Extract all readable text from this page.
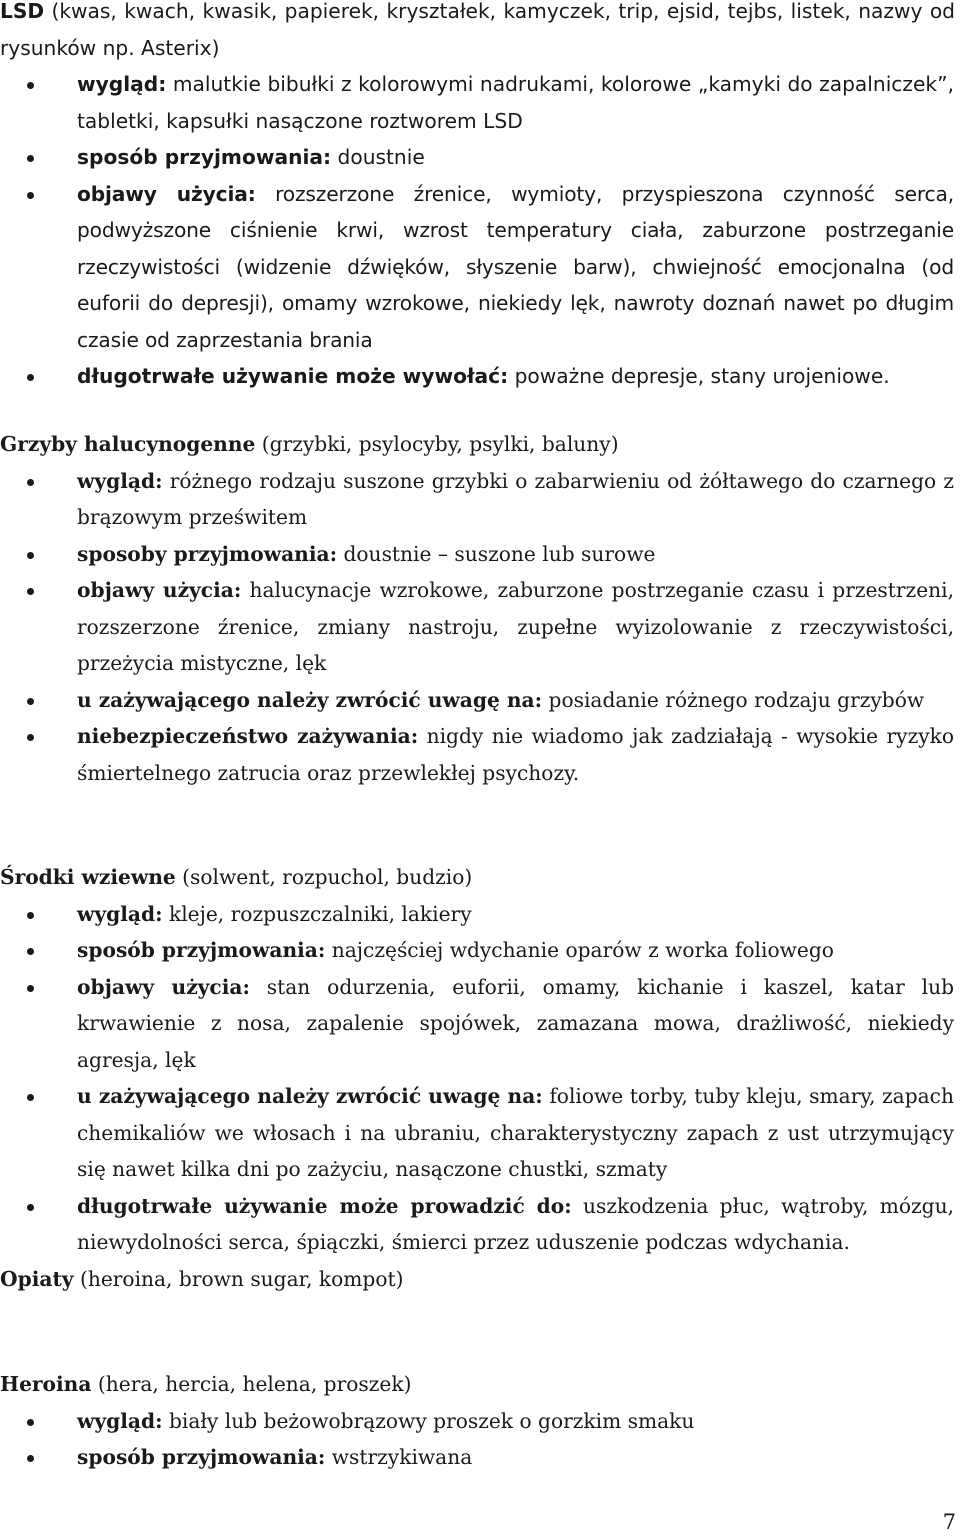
LSD (kwas, kwach, kwasik, papierek, kryształek, kamyczek, trip, ejsid, tejbs, listek, nazwy od rysunków np. Asterix)
wygląd: malutkie bibułki z kolorowymi nadrukami, kolorowe „kamyki do zapalniczek”, tabletki, kapsułki nasączone roztworem LSD
sposób przyjmowania: doustnie
objawy użycia: rozszerzone źrenice, wymioty, przyspieszona czynność serca, podwyższone ciśnienie krwi, wzrost temperatury ciała, zaburzone postrzeganie rzeczywistości (widzenie dźwięków, słyszenie barw), chwiejność emocjonalna (od euforii do depresji), omamy wzrokowe, niekiedy lęk, nawroty doznań nawet po długim czasie od zaprzestania brania
długotrwałe używanie może wywołać: poważne depresje, stany urojeniowe.
Grzyby halucynogenne (grzybki, psylocyby, psylki, baluny)
wygląd: różnego rodzaju suszone grzybki o zabarwieniu od żółtawego do czarnego z brązowym prześwitem
sposoby przyjmowania: doustnie – suszone lub surowe
objawy użycia: halucynacje wzrokowe, zaburzone postrzeganie czasu i przestrzeni, rozszerzone źrenice, zmiany nastroju, zupełne wyizolowanie z rzeczywistości, przeżycia mistyczne, lęk
u zażywającego należy zwrócić uwagę na: posiadanie różnego rodzaju grzybów
niebezpieczeństwo zażywania: nigdy nie wiadomo jak zadziałają - wysokie ryzyko śmiertelnego zatrucia oraz przewlekłej psychozy.
Środki wziewne (solwent, rozpuchol, budzio)
wygląd: kleje, rozpuszczalniki, lakiery
sposób przyjmowania: najczęściej wdychanie oparów z worka foliowego
objawy użycia: stan odurzenia, euforii, omamy, kichanie i kaszel, katar lub krwawienie z nosa, zapalenie spojówek, zamazana mowa, drażliwość, niekiedy agresja, lęk
u zażywającego należy zwrócić uwagę na: foliowe torby, tuby kleju, smary, zapach chemikaliów we włosach i na ubraniu, charakterystyczny zapach z ust utrzymujący się nawet kilka dni po zażyciu, nasączone chustki, szmaty
długotrwałe używanie może prowadzić do: uszkodzenia płuc, wątroby, mózgu, niewydolności serca, śpiączki, śmierci przez uduszenie podczas wdychania.
Opiaty (heroina, brown sugar, kompot)
Heroina (hera, hercia, helena, proszek)
wygląd: biały lub beżowobrązowy proszek o gorzkim smaku
sposób przyjmowania: wstrzykiwana
7
